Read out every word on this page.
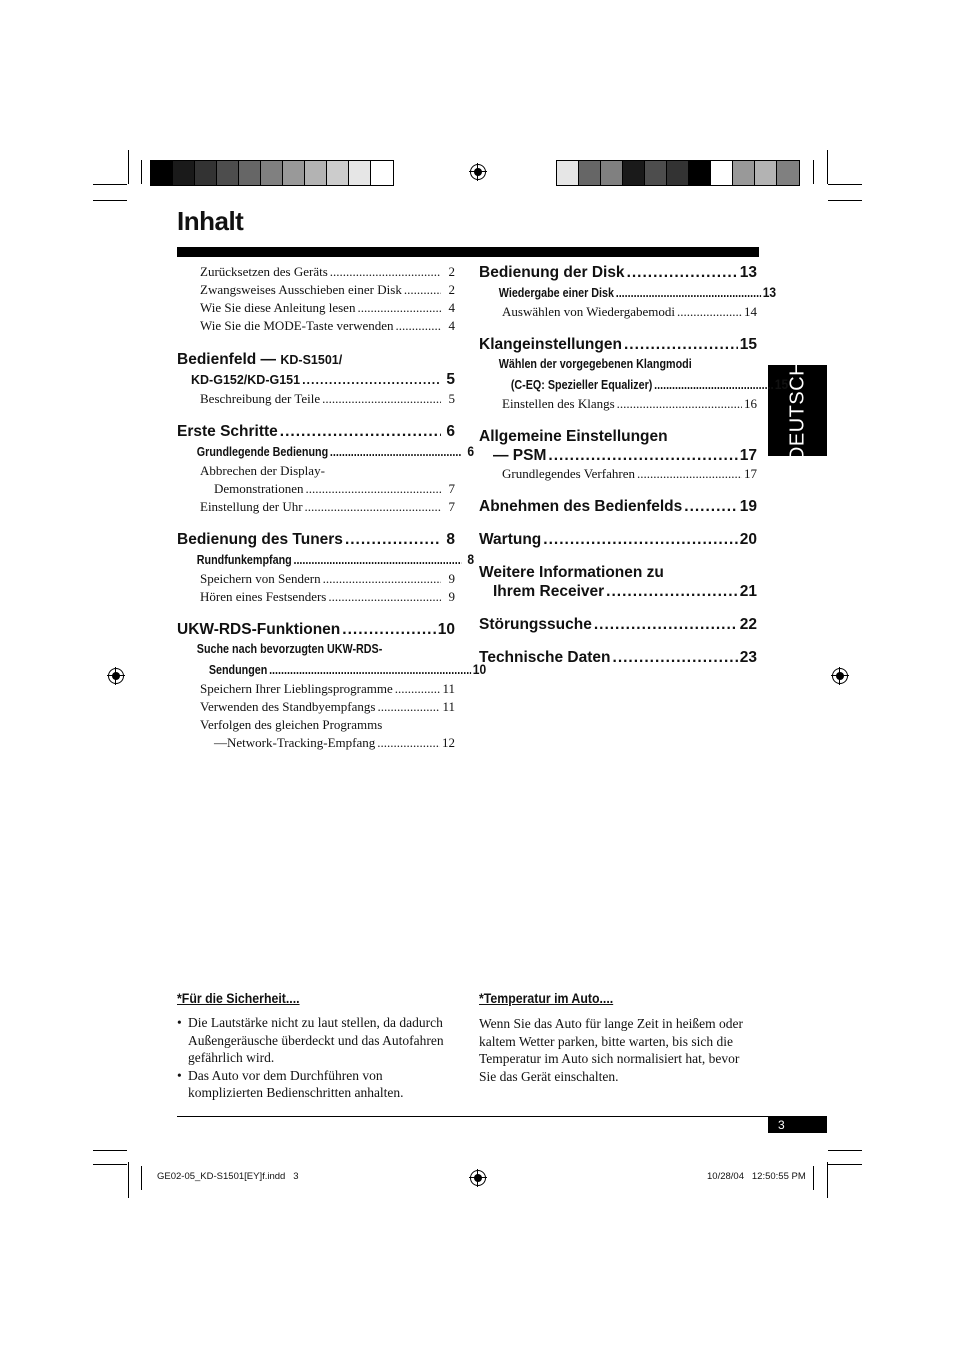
Inhalt
DEUTSCH
Zurücksetzen des Geräts .....	2
Zwangsweises Ausschieben einer Disk .....	2
Wie Sie diese Anleitung lesen .....	4
Wie Sie die MODE-Taste verwenden .....	4
Bedienfeld — KD-S1501/
KD-G152/KD-G151 .....	5
Beschreibung der Teile .....	5
Erste Schritte .....	6
Grundlegende Bedienung .....	6
Abbrechen der Display-
Demonstrationen .....	7
Einstellung der Uhr .....	7
Bedienung des Tuners .....	8
Rundfunkempfang .....	8
Speichern von Sendern .....	9
Hören eines Festsenders .....	9
UKW-RDS-Funktionen .....	10
Suche nach bevorzugten UKW-RDS-
Sendungen .....	10
Speichern Ihrer Lieblingsprogramme .....	11
Verwenden des Standbyempfangs .....	11
Verfolgen des gleichen Programms
—Network-Tracking-Empfang .....	12
Bedienung der Disk .....	13
Wiedergabe einer Disk .....	13
Auswählen von Wiedergabemodi .....	14
Klangeinstellungen .....	15
Wählen der vorgegebenen Klangmodi
(C-EQ: Spezieller Equalizer) .....	15
Einstellen des Klangs .....	16
Allgemeine Einstellungen
— PSM .....	17
Grundlegendes Verfahren .....	17
Abnehmen des Bedienfelds .....	19
Wartung .....	20
Weitere Informationen zu
Ihrem Receiver .....	21
Störungssuche .....	22
Technische Daten .....	23
*Für die Sicherheit....
• Die Lautstärke nicht zu laut stellen, da dadurch Außengeräusche überdeckt und das Autofahren gefährlich wird.
• Das Auto vor dem Durchführen von komplizierten Bedienschritten anhalten.
*Temperatur im Auto....
Wenn Sie das Auto für lange Zeit in heißem oder kaltem Wetter parken, bitte warten, bis sich die Temperatur im Auto sich normalisiert hat, bevor Sie das Gerät einschalten.
3
GE02-05_KD-S1501[EY]f.indd   3	10/28/04   12:50:55 PM
